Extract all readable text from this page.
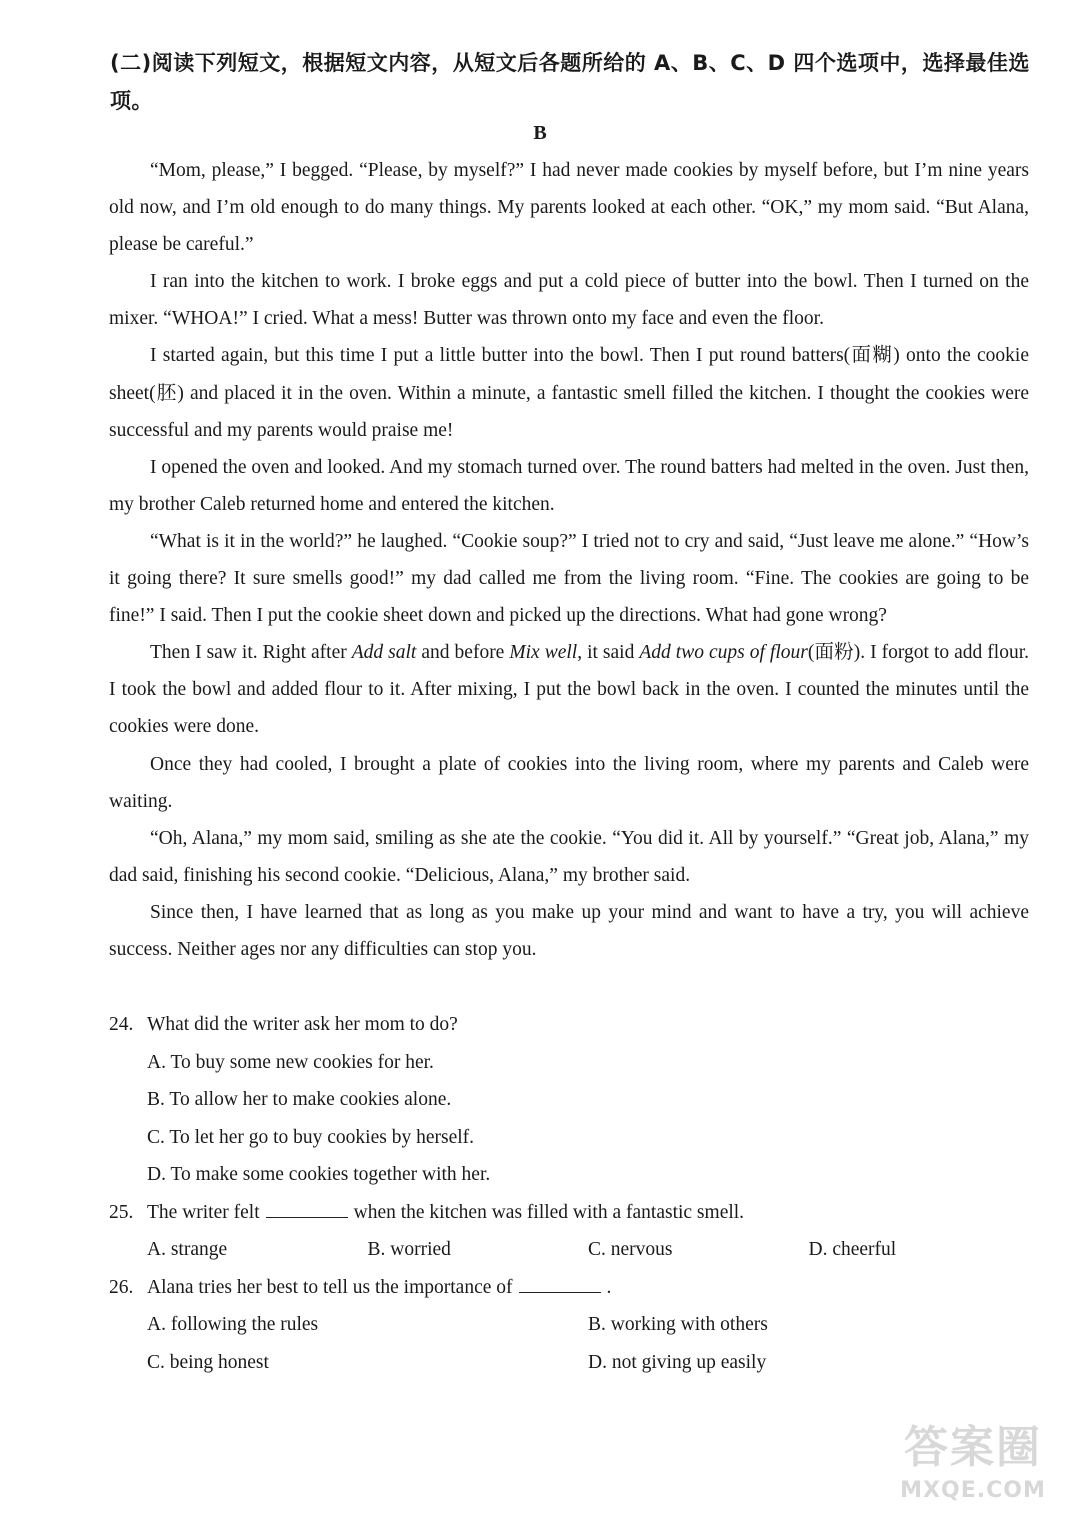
(二)阅读下列短文，根据短文内容，从短文后各题所给的 A、B、C、D 四个选项中，选择最佳选项。
B

“Mom, please,” I begged. “Please, by myself?” I had never made cookies by myself before, but I’m nine years old now, and I’m old enough to do many things. My parents looked at each other. “OK,” my mom said. “But Alana, please be careful.”

I ran into the kitchen to work. I broke eggs and put a cold piece of butter into the bowl. Then I turned on the mixer. “WHOA!” I cried. What a mess! Butter was thrown onto my face and even the floor.

I started again, but this time I put a little butter into the bowl. Then I put round batters(面糊) onto the cookie sheet(胚) and placed it in the oven. Within a minute, a fantastic smell filled the kitchen. I thought the cookies were successful and my parents would praise me!

I opened the oven and looked. And my stomach turned over. The round batters had melted in the oven. Just then, my brother Caleb returned home and entered the kitchen.

“What is it in the world?” he laughed. “Cookie soup?” I tried not to cry and said, “Just leave me alone.” “How’s it going there? It sure smells good!” my dad called me from the living room. “Fine. The cookies are going to be fine!” I said. Then I put the cookie sheet down and picked up the directions. What had gone wrong?

Then I saw it. Right after Add salt and before Mix well, it said Add two cups of flour(面粉). I forgot to add flour. I took the bowl and added flour to it. After mixing, I put the bowl back in the oven. I counted the minutes until the cookies were done.

Once they had cooled, I brought a plate of cookies into the living room, where my parents and Caleb were waiting.

“Oh, Alana,” my mom said, smiling as she ate the cookie. “You did it. All by yourself.” “Great job, Alana,” my dad said, finishing his second cookie. “Delicious, Alana,” my brother said.

Since then, I have learned that as long as you make up your mind and want to have a try, you will achieve success. Neither ages nor any difficulties can stop you.

24. What did the writer ask her mom to do?
A. To buy some new cookies for her.
B. To allow her to make cookies alone.
C. To let her go to buy cookies by herself.
D. To make some cookies together with her.
25. The writer felt	when the kitchen was filled with a fantastic smell.
A. strange	B. worried	C. nervous	D. cheerful
26. Alana tries her best to tell us the importance of	.
A. following the rules	B. working with others
C. being honest	D. not giving up easily
答案圈
MXQE.COM
